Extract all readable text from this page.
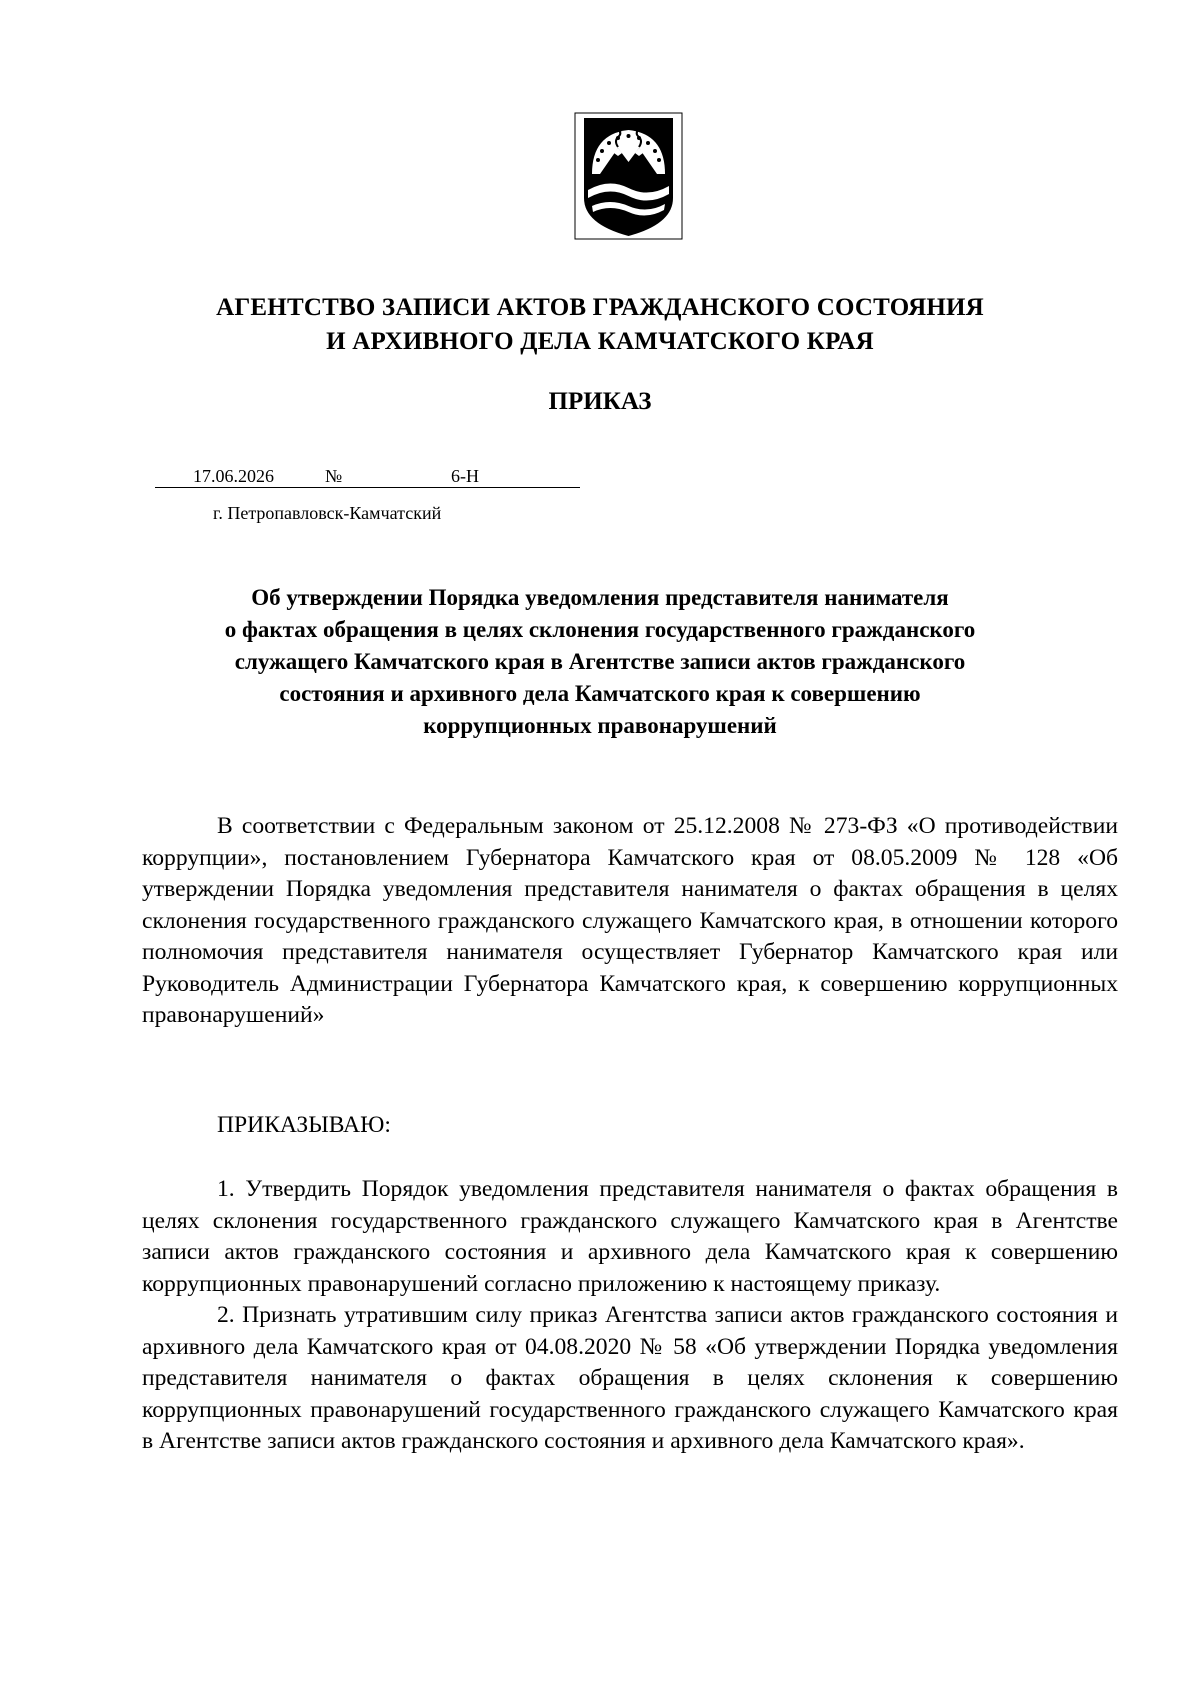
АГЕНТСТВО ЗАПИСИ АКТОВ ГРАЖДАНСКОГО СОСТОЯНИЯ
И АРХИВНОГО ДЕЛА КАМЧАТСКОГО КРАЯ
ПРИКАЗ
17.06.2026	№	6-Н
г. Петропавловск-Камчатский
Об утверждении Порядка уведомления представителя нанимателя
о фактах обращения в целях склонения государственного гражданского
служащего Камчатского края в Агентстве записи актов гражданского
состояния и архивного дела Камчатского края к совершению
коррупционных правонарушений

В соответствии с Федеральным законом от 25.12.2008 № 273-ФЗ «О противодействии коррупции», постановлением Губернатора Камчатского края от 08.05.2009 № 128 «Об утверждении Порядка уведомления представителя нанимателя о фактах обращения в целях склонения государственного гражданского служащего Камчатского края, в отношении которого полномочия представителя нанимателя осуществляет Губернатор Камчатского края или Руководитель Администрации Губернатора Камчатского края, к совершению коррупционных правонарушений»

ПРИКАЗЫВАЮ:

1. Утвердить Порядок уведомления представителя нанимателя о фактах обращения в целях склонения государственного гражданского служащего Камчатского края в Агентстве записи актов гражданского состояния и архивного дела Камчатского края к совершению коррупционных правонарушений согласно приложению к настоящему приказу.

2. Признать утратившим силу приказ Агентства записи актов гражданского состояния и архивного дела Камчатского края от 04.08.2020 № 58 «Об утверждении Порядка уведомления представителя нанимателя о фактах обращения в целях склонения к совершению коррупционных правонарушений государственного гражданского служащего Камчатского края в Агентстве записи актов гражданского состояния и архивного дела Камчатского края».
